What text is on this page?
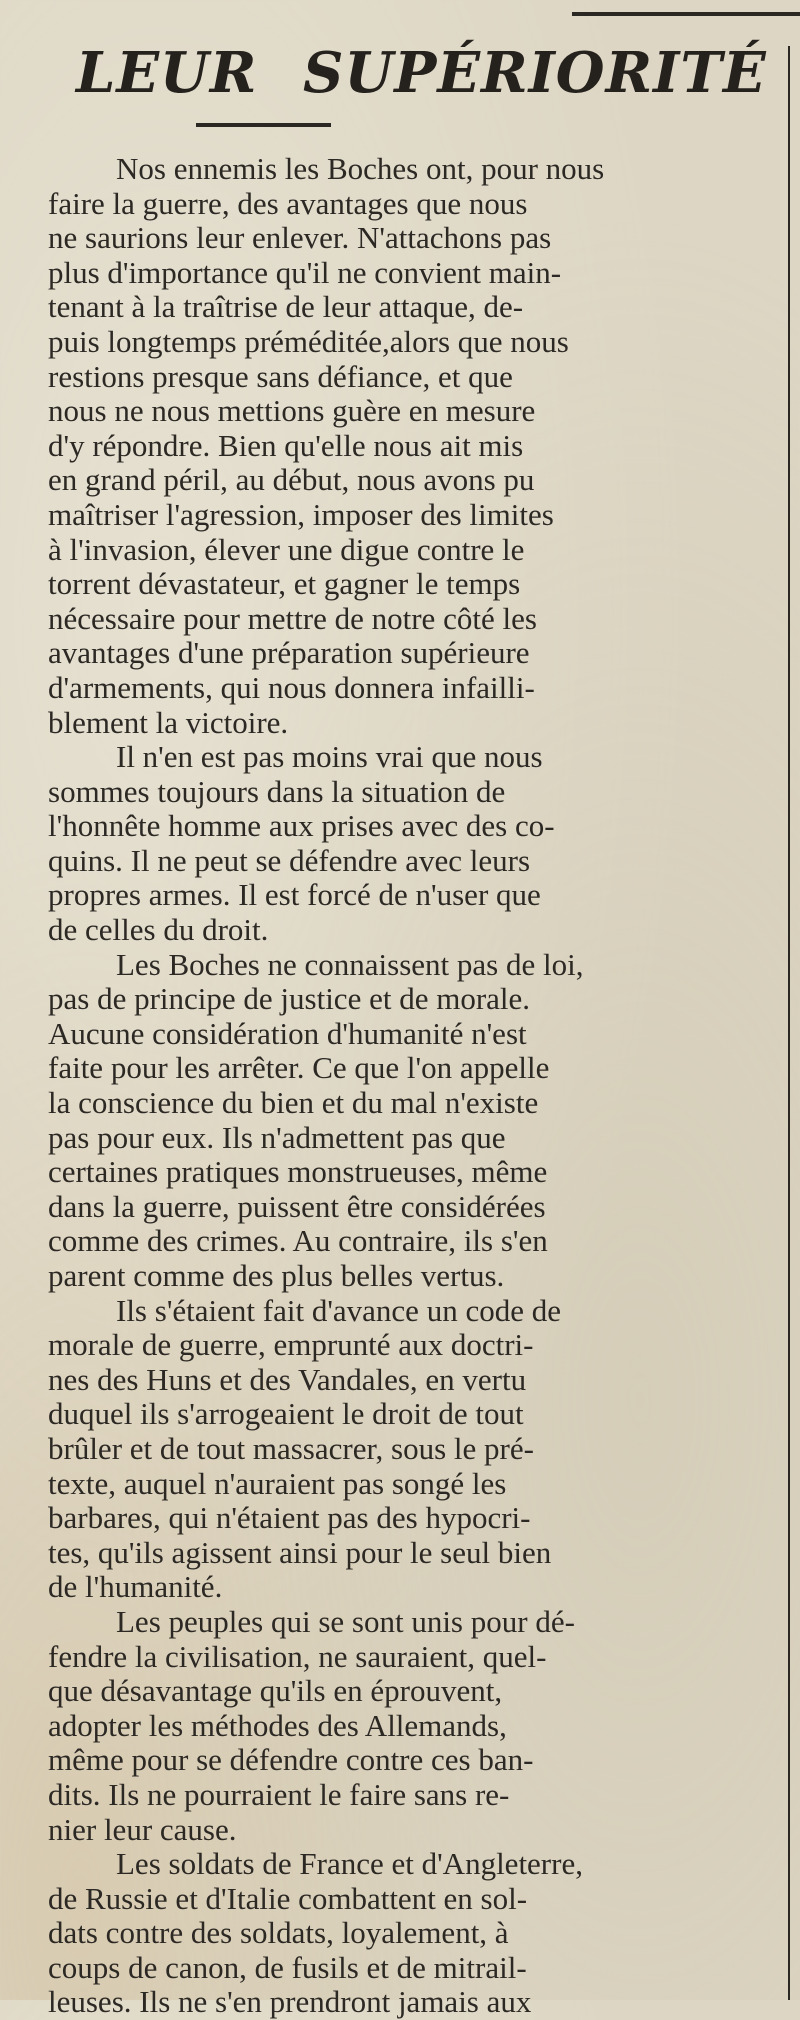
LEUR SUPÉRIORITÉ
Nos ennemis les Boches ont, pour nous
faire la guerre, des avantages que nous
ne saurions leur enlever. N'attachons pas
plus d'importance qu'il ne convient main-
tenant à la traîtrise de leur attaque, de-
puis longtemps préméditée,alors que nous
restions presque sans défiance, et que
nous ne nous mettions guère en mesure
d'y répondre. Bien qu'elle nous ait mis
en grand péril, au début, nous avons pu
maîtriser l'agression, imposer des limites
à l'invasion, élever une digue contre le
torrent dévastateur, et gagner le temps
nécessaire pour mettre de notre côté les
avantages d'une préparation supérieure
d'armements, qui nous donnera infailli-
blement la victoire.
Il n'en est pas moins vrai que nous
sommes toujours dans la situation de
l'honnête homme aux prises avec des co-
quins. Il ne peut se défendre avec leurs
propres armes. Il est forcé de n'user que
de celles du droit.
Les Boches ne connaissent pas de loi,
pas de principe de justice et de morale.
Aucune considération d'humanité n'est
faite pour les arrêter. Ce que l'on appelle
la conscience du bien et du mal n'existe
pas pour eux. Ils n'admettent pas que
certaines pratiques monstrueuses, même
dans la guerre, puissent être considérées
comme des crimes. Au contraire, ils s'en
parent comme des plus belles vertus.
Ils s'étaient fait d'avance un code de
morale de guerre, emprunté aux doctri-
nes des Huns et des Vandales, en vertu
duquel ils s'arrogeaient le droit de tout
brûler et de tout massacrer, sous le pré-
texte, auquel n'auraient pas songé les
barbares, qui n'étaient pas des hypocri-
tes, qu'ils agissent ainsi pour le seul bien
de l'humanité.
Les peuples qui se sont unis pour dé-
fendre la civilisation, ne sauraient, quel-
que désavantage qu'ils en éprouvent,
adopter les méthodes des Allemands,
même pour se défendre contre ces ban-
dits. Ils ne pourraient le faire sans re-
nier leur cause.
Les soldats de France et d'Angleterre,
de Russie et d'Italie combattent en sol-
dats contre des soldats, loyalement, à
coups de canon, de fusils et de mitrail-
leuses. Ils ne s'en prendront jamais aux
